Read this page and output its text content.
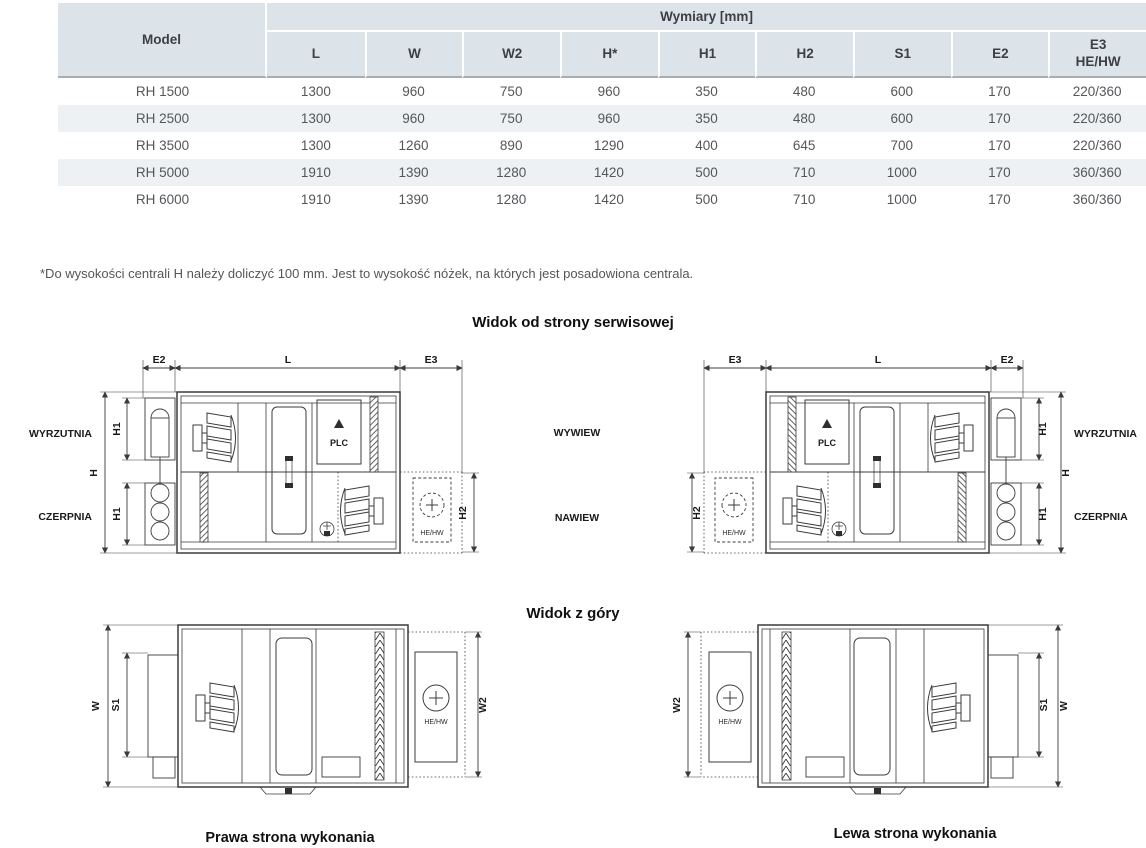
Model	Wymiary [mm]								
	L	W	W2	H*	H1	H2	S1	E2	E3
HE/HW
RH 1500	1300	960	750	960	350	480	600	170	220/360
RH 2500	1300	960	750	960	350	480	600	170	220/360
RH 3500	1300	1260	890	1290	400	645	700	170	220/360
RH 5000	1910	1390	1280	1420	500	710	1000	170	360/360
RH 6000	1910	1390	1280	1420	500	710	1000	170	360/360
*Do wysokości centrali H należy doliczyć 100 mm. Jest to wysokość nóżek, na których jest posadowiona centrala.
Widok od strony serwisowej
E2	L	E3
H
H1
H1	H2
WYRZUTNIA
CZERPNIA
PLC
HE/HW
WYWIEW
NAWIEW
E3	L	E2
H
H1
H1
H2
WYRZUTNIA
CZERPNIA
PLC
HE/HW
Widok z góry
W S1	W2
HE/HW
W
S1
W2
HE/HW
Prawa strona wykonania	Lewa strona wykonania
